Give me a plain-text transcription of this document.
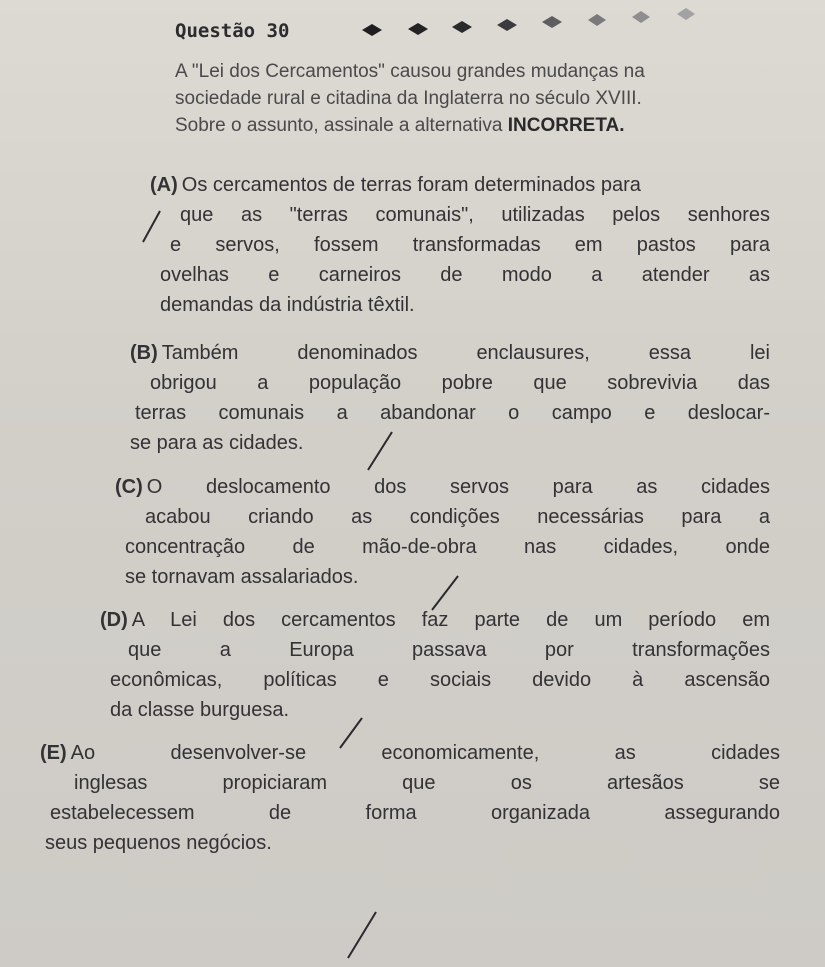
Questão 30

A "Lei dos Cercamentos" causou grandes mudanças na

sociedade rural e citadina da Inglaterra no século XVIII.

Sobre o assunto, assinale a alternativa INCORRETA.

(A) Os cercamentos de terras foram determinados para
que as "terras comunais", utilizadas pelos senhores
e servos, fossem transformadas em pastos para
ovelhas e carneiros de modo a atender as
demandas da indústria têxtil.
(B) Também denominados enclausures, essa lei
obrigou a população pobre que sobrevivia das
terras comunais a abandonar o campo e deslocar-
se para as cidades.
(C) O deslocamento dos servos para as cidades
acabou criando as condições necessárias para a
concentração de mão-de-obra nas cidades, onde
se tornavam assalariados.
(D) A Lei dos cercamentos faz parte de um período em
que a Europa passava por transformações
econômicas, políticas e sociais devido à ascensão
da classe burguesa.
(E) Ao desenvolver-se economicamente, as cidades
inglesas propiciaram que os artesãos se
estabelecessem de forma organizada assegurando
seus pequenos negócios.
